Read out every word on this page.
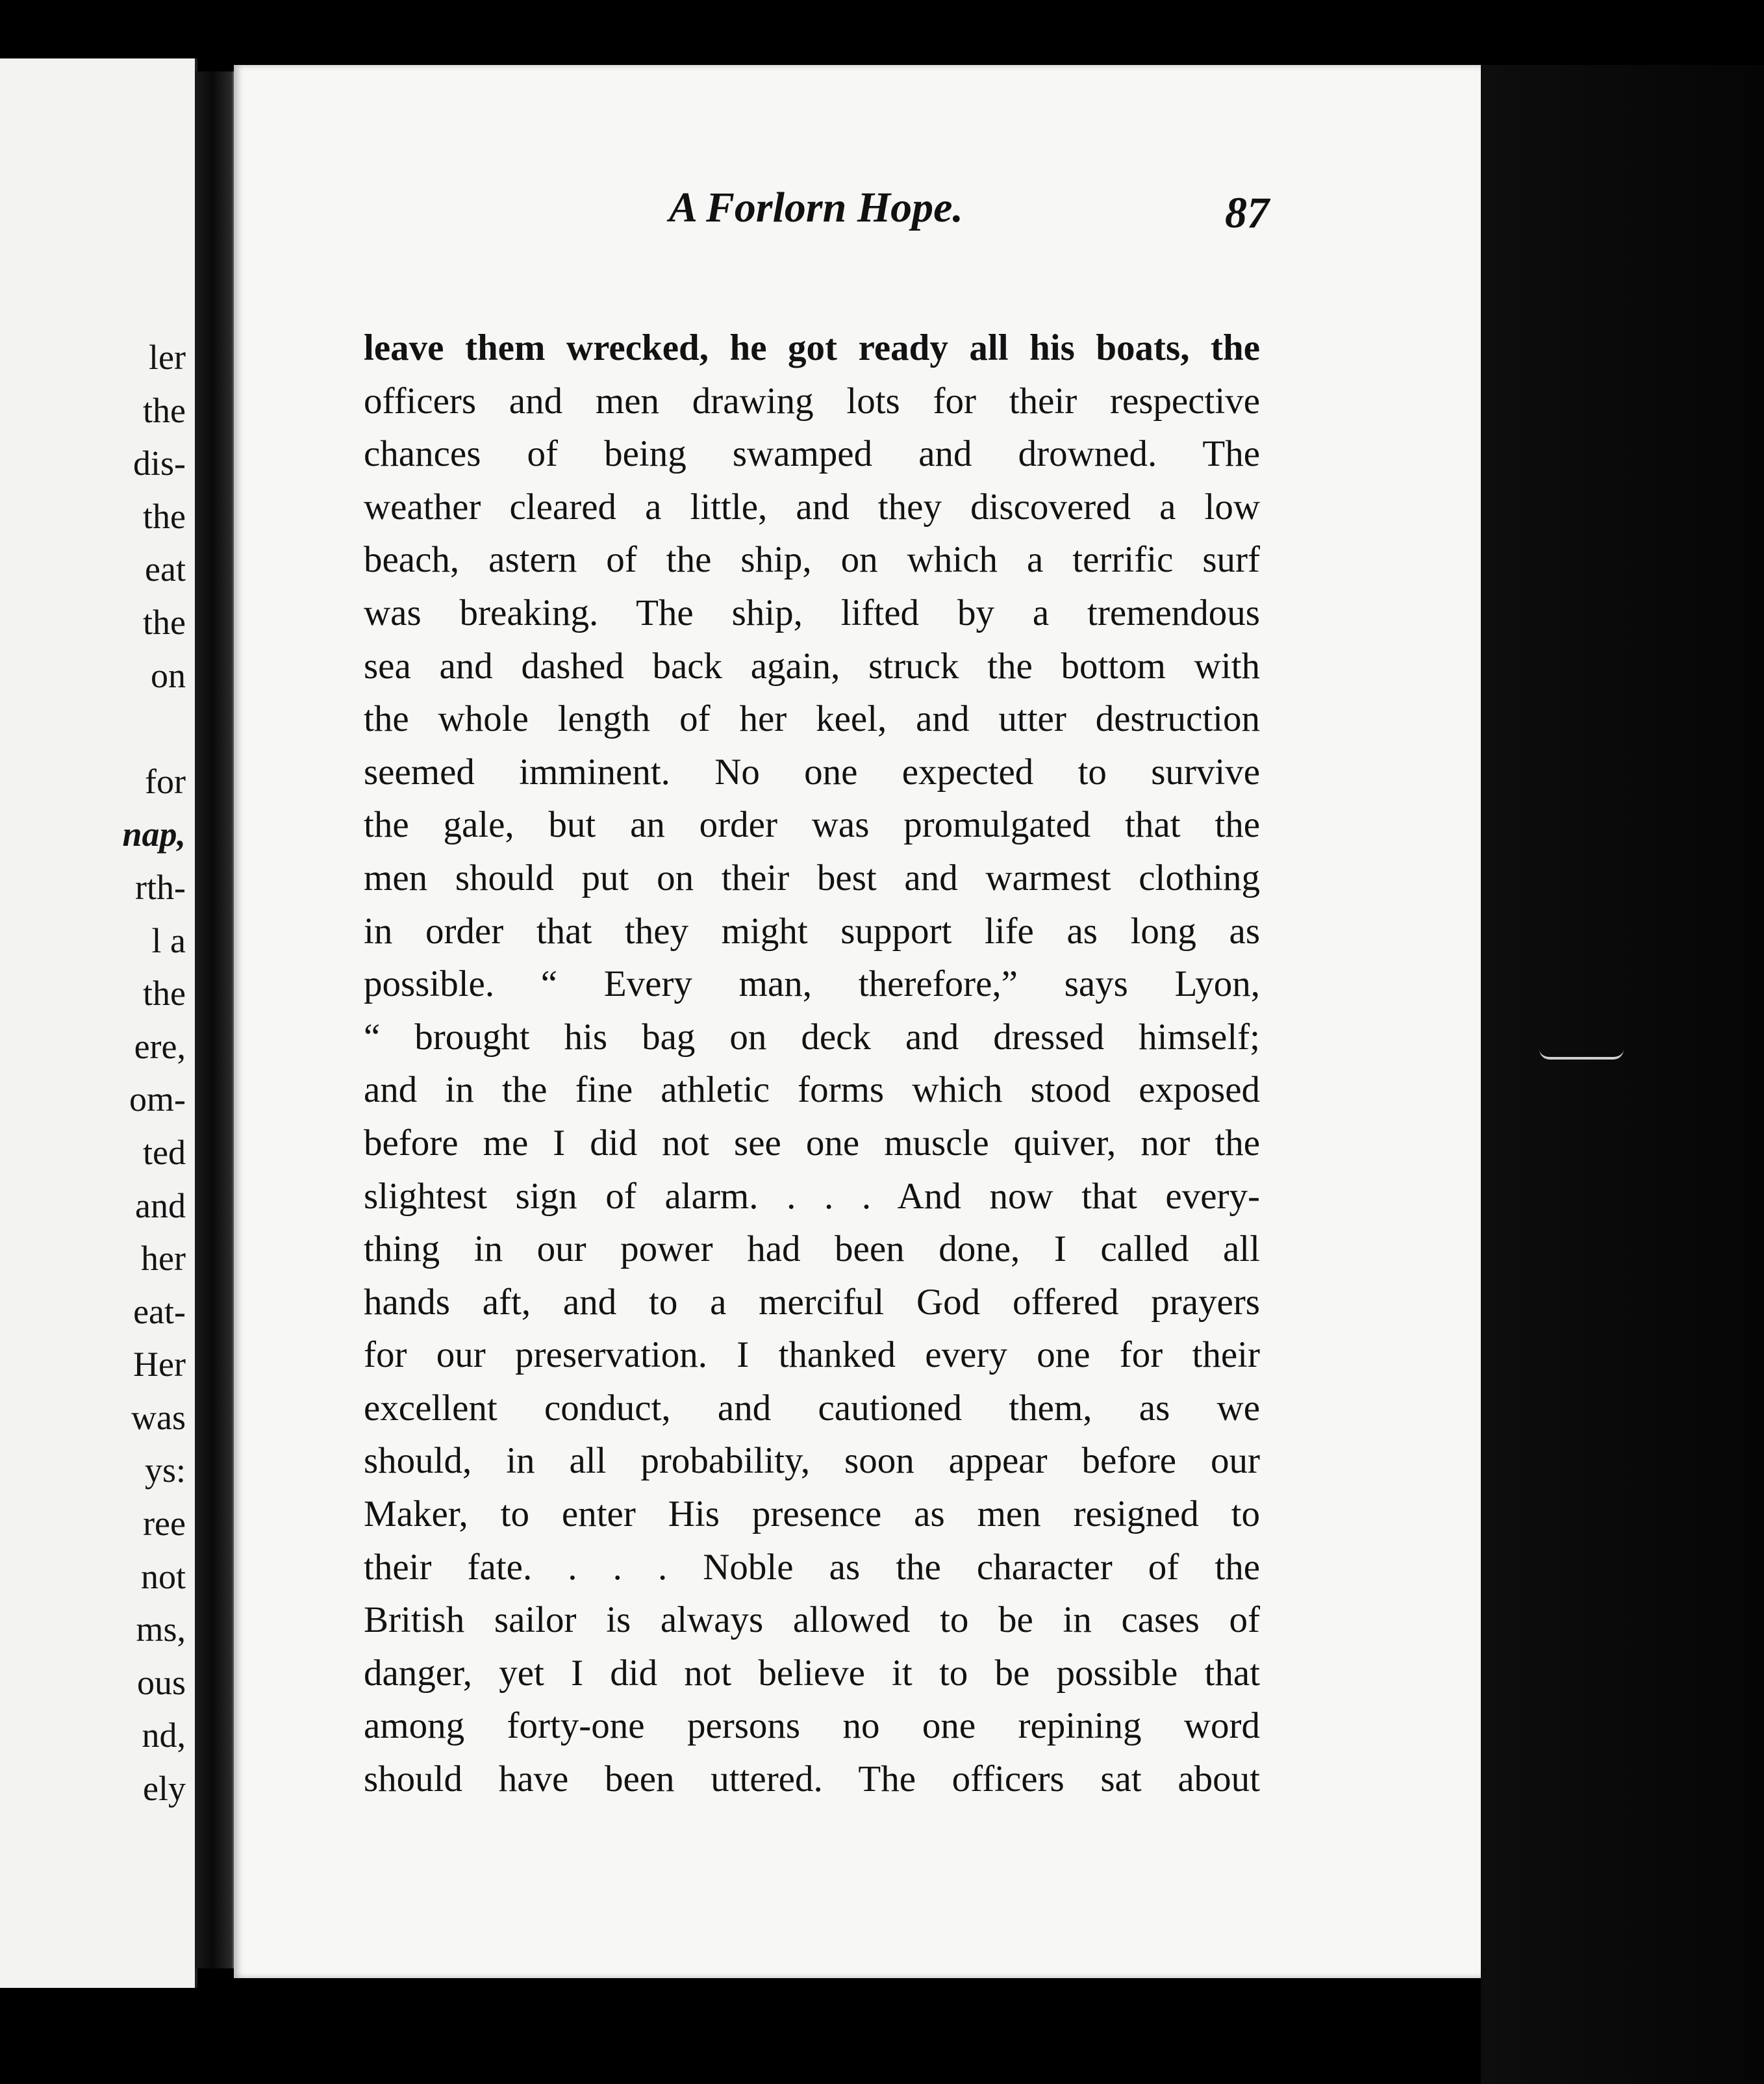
ler
the
dis-
the
eat
the
on
for
nap,
rth-
l a
the
ere,
om-
ted
and
her
eat-
Her
was
ys:
ree
not
ms,
ous
nd,
ely
A Forlorn Hope.	87
leave them wrecked, he got ready all his boats, the
officers and men drawing lots for their respective
chances of being swamped and drowned. The
weather cleared a little, and they discovered a low
beach, astern of the ship, on which a terrific surf
was breaking. The ship, lifted by a tremendous
sea and dashed back again, struck the bottom with
the whole length of her keel, and utter destruction
seemed imminent. No one expected to survive
the gale, but an order was promulgated that the
men should put on their best and warmest clothing
in order that they might support life as long as
possible. “ Every man, therefore,” says Lyon,
“ brought his bag on deck and dressed himself;
and in the fine athletic forms which stood exposed
before me I did not see one muscle quiver, nor the
slightest sign of alarm. . . . And now that every-
thing in our power had been done, I called all
hands aft, and to a merciful God offered prayers
for our preservation. I thanked every one for their
excellent conduct, and cautioned them, as we
should, in all probability, soon appear before our
Maker, to enter His presence as men resigned to
their fate. . . . Noble as the character of the
British sailor is always allowed to be in cases of
danger, yet I did not believe it to be possible that
among forty-one persons no one repining word
should have been uttered. The officers sat about
